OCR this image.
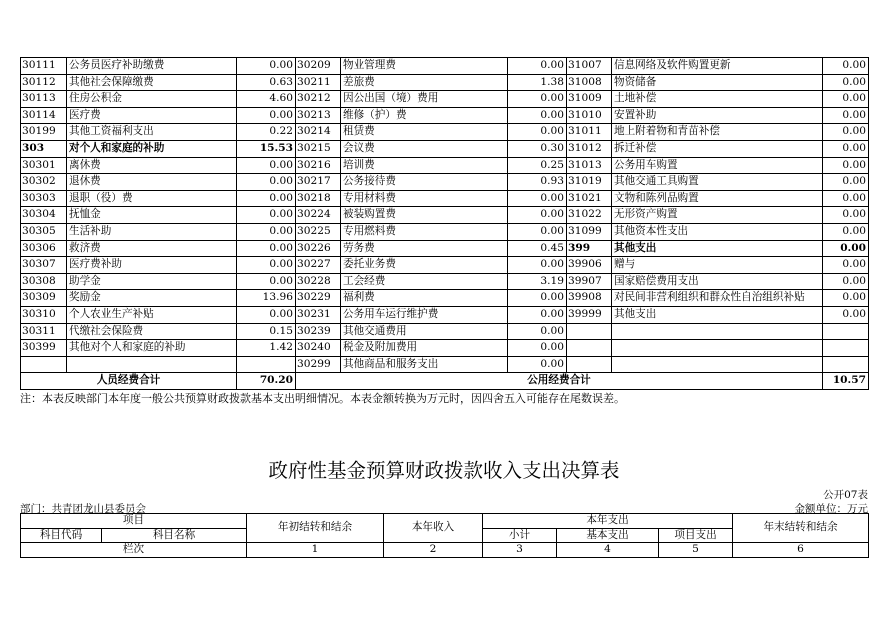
30111	公务员医疗补助缴费	0.00	30209	物业管理费	0.00	31007	信息网络及软件购置更新	0.00
30112	其他社会保障缴费	0.63	30211	差旅费	1.38	31008	物资储备	0.00
30113	住房公积金	4.60	30212	因公出国（境）费用	0.00	31009	土地补偿	0.00
30114	医疗费	0.00	30213	维修（护）费	0.00	31010	安置补助	0.00
30199	其他工资福利支出	0.22	30214	租赁费	0.00	31011	地上附着物和青苗补偿	0.00
303	对个人和家庭的补助	15.53	30215	会议费	0.30	31012	拆迁补偿	0.00
30301	离休费	0.00	30216	培训费	0.25	31013	公务用车购置	0.00
30302	退休费	0.00	30217	公务接待费	0.93	31019	其他交通工具购置	0.00
30303	退职（役）费	0.00	30218	专用材料费	0.00	31021	文物和陈列品购置	0.00
30304	抚恤金	0.00	30224	被装购置费	0.00	31022	无形资产购置	0.00
30305	生活补助	0.00	30225	专用燃料费	0.00	31099	其他资本性支出	0.00
30306	救济费	0.00	30226	劳务费	0.45	399	其他支出	0.00
30307	医疗费补助	0.00	30227	委托业务费	0.00	39906	赠与	0.00
30308	助学金	0.00	30228	工会经费	3.19	39907	国家赔偿费用支出	0.00
30309	奖励金	13.96	30229	福利费	0.00	39908	对民间非营利组织和群众性自治组织补贴	0.00
30310	个人农业生产补贴	0.00	30231	公务用车运行维护费	0.00	39999	其他支出	0.00
30311	代缴社会保险费	0.15	30239	其他交通费用	0.00			
30399	其他对个人和家庭的补助	1.42	30240	税金及附加费用	0.00			
			30299	其他商品和服务支出	0.00			
人员经费合计		70.20	公用经费合计					10.57
注：本表反映部门本年度一般公共预算财政拨款基本支出明细情况。本表金额转换为万元时，因四舍五入可能存在尾数误差。
政府性基金预算财政拨款收入支出决算表
公开07表
部门：共青团龙山县委员会	金额单位：万元
项目		年初结转和结余	本年收入	本年支出			年末结转和结余
科目代码	科目名称			小计	基本支出	项目支出	
栏次		1	2	3	4	5	6
